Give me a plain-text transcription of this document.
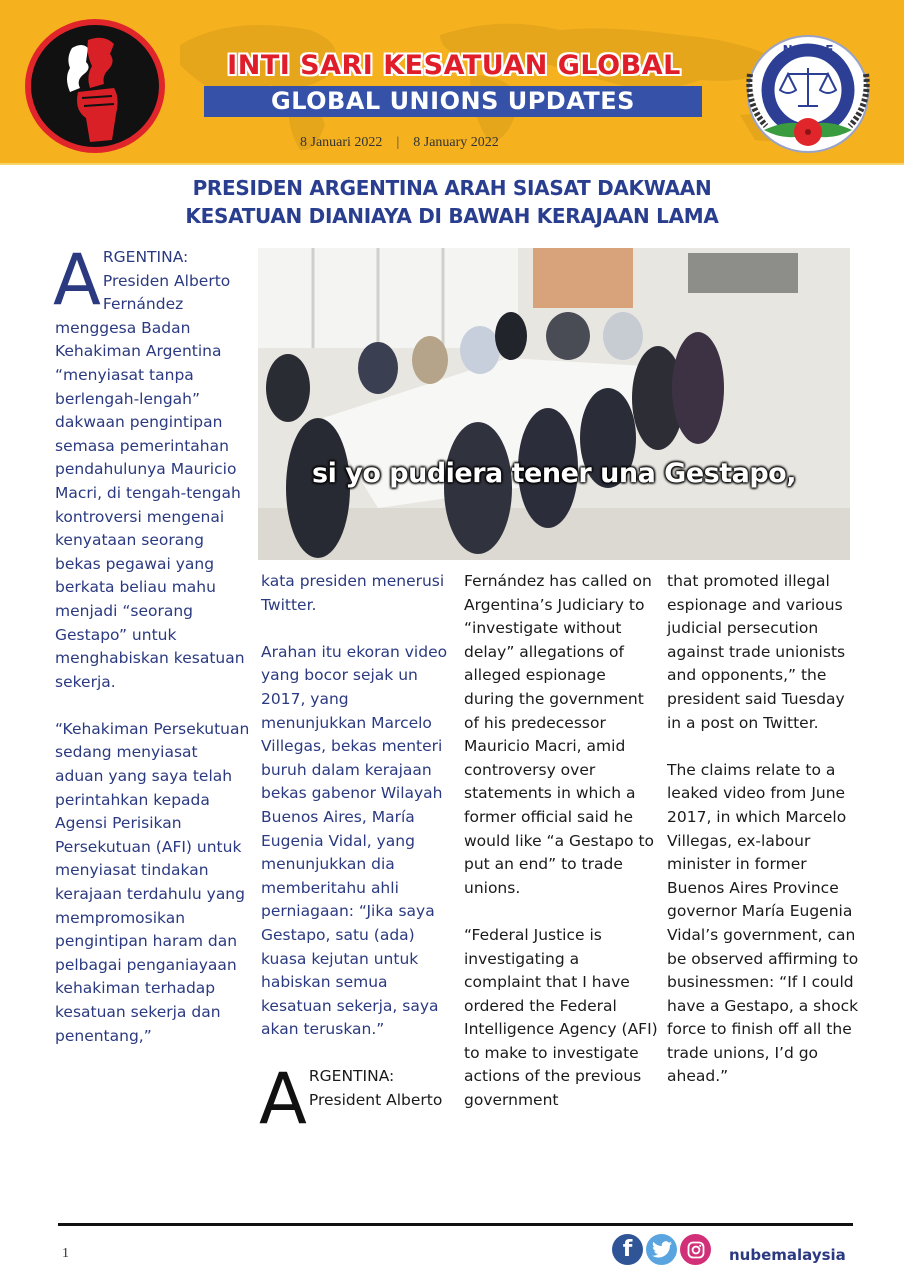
INTI SARI KESATUAN GLOBAL
GLOBAL UNIONS UPDATES
8 Januari 2022 | 8 January 2022
N.U.B.E
PRESIDEN ARGENTINA ARAH SIASAT DAKWAAN
KESATUAN DIANIAYA DI BAWAH KERAJAAN LAMA
si yo pudiera tener una Gestapo,

A RGENTINA: Presiden Alberto Fernández menggesa Badan Kehakiman Argentina “menyiasat tanpa berlengah-lengah” dakwaan pengintipan semasa pemerintahan pendahulunya Mauricio Macri, di tengah-tengah kontroversi mengenai kenyataan seorang bekas pegawai yang berkata beliau mahu menjadi “seorang Gestapo” untuk menghabiskan kesatuan sekerja.

“Kehakiman Persekutuan sedang menyiasat aduan yang saya telah perintahkan kepada Agensi Perisikan Persekutuan (AFI) untuk menyiasat tindakan kerajaan terdahulu yang mempromosikan pengintipan haram dan pelbagai penganiayaan kehakiman terhadap kesatuan sekerja dan penentang,”

kata presiden menerusi Twitter.

Arahan itu ekoran video yang bocor sejak un 2017, yang menunjukkan Marcelo Villegas, bekas menteri buruh dalam kerajaan bekas gabenor Wilayah Buenos Aires, María Eugenia Vidal, yang menunjukkan dia memberitahu ahli perniagaan: “Jika saya Gestapo, satu (ada) kuasa kejutan untuk habiskan semua kesatuan sekerja, saya akan teruskan.”

A RGENTINA: President Alberto

Fernández has called on Argentina’s Judiciary to “investigate without delay” allegations of alleged espionage during the government of his predecessor Mauricio Macri, amid controversy over statements in which a former official said he would like “a Gestapo to put an end” to trade unions.

“Federal Justice is investigating a complaint that I have ordered the Federal Intelligence Agency (AFI) to make to investigate actions of the previous government

that promoted illegal espionage and various judicial persecution against trade unionists and opponents,” the president said Tuesday in a post on Twitter.

The claims relate to a leaked video from June 2017, in which Marcelo Villegas, ex-labour minister in former Buenos Aires Province governor María Eugenia Vidal’s government, can be observed affirming to businessmen: “If I could have a Gestapo, a shock force to finish off all the trade unions, I’d go ahead.”

1	f	nubemalaysia
